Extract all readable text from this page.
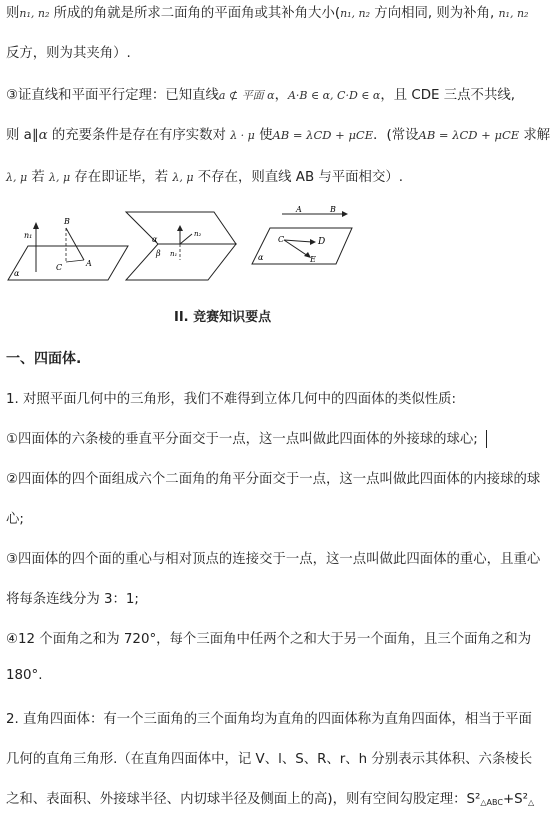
则n₁, n₂ 所成的角就是所求二面角的平面角或其补角大小(n₁, n₂ 方向相同, 则为补角, n₁, n₂
反方，则为其夹角）.
③证直线和平面平行定理：已知直线a ⊄ 平面 α，A·B ∈ α, C·D ∈ α，且 CDE 三点不共线,
则 a∥α 的充要条件是存在有序实数对 λ · μ 使AB = λCD + μCE．(常设AB = λCD + μCE 求解
λ, μ 若 λ, μ 存在即证毕，若 λ, μ 不存在，则直线 AB 与平面相交）.
n₁
B
C	A
α
α
β n₁
n₂
A	B
C	D
E
α
II. 竞赛知识要点
一、四面体.
1. 对照平面几何中的三角形，我们不难得到立体几何中的四面体的类似性质:
①四面体的六条棱的垂直平分面交于一点，这一点叫做此四面体的外接球的球心;
②四面体的四个面组成六个二面角的角平分面交于一点，这一点叫做此四面体的内接球的球
心;
③四面体的四个面的重心与相对顶点的连接交于一点，这一点叫做此四面体的重心，且重心
将每条连线分为 3：1;
④12 个面角之和为 720°，每个三面角中任两个之和大于另一个面角，且三个面角之和为
180°.
2. 直角四面体：有一个三面角的三个面角均为直角的四面体称为直角四面体，相当于平面
几何的直角三角形.（在直角四面体中，记 V、l、S、R、r、h 分别表示其体积、六条棱长
之和、表面积、外接球半径、内切球半径及侧面上的高)，则有空间勾股定理：S²△ABC+S²△
